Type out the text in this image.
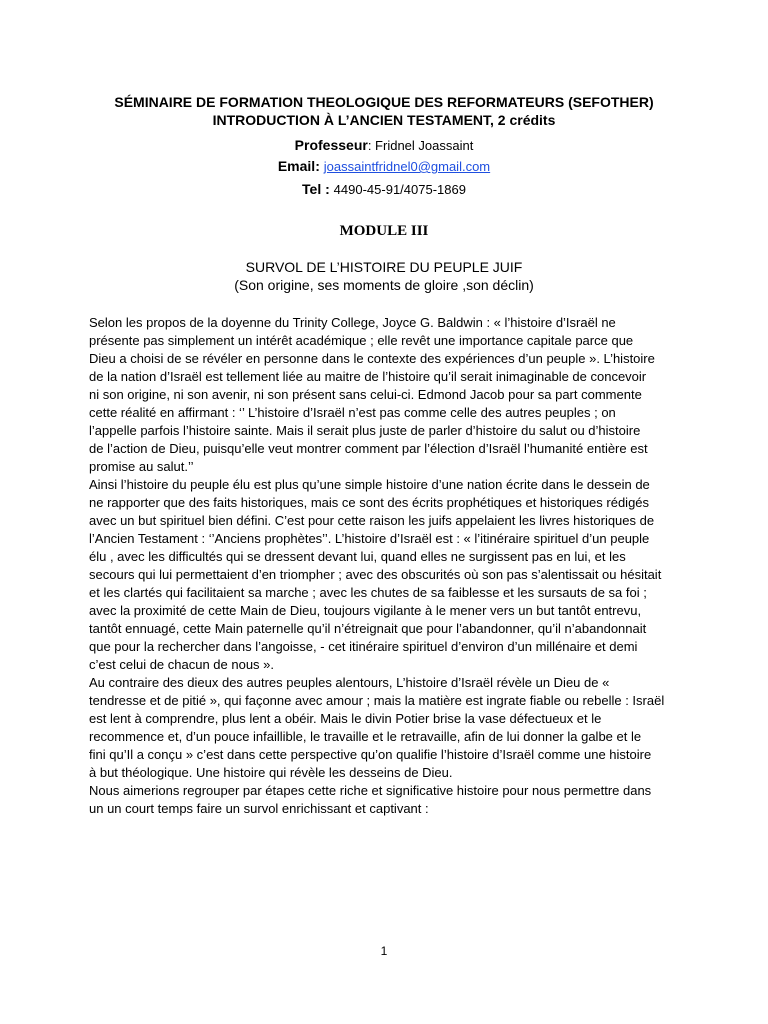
SÉMINAIRE DE FORMATION THEOLOGIQUE DES REFORMATEURS (SEFOTHER)
INTRODUCTION À L’ANCIEN TESTAMENT, 2 crédits
Professeur: Fridnel Joassaint
Email: joassaintfridnel0@gmail.com
Tel : 4490-45-91/4075-1869
MODULE III
SURVOL DE L’HISTOIRE DU PEUPLE JUIF
(Son origine, ses moments de gloire ,son déclin)
Selon les propos de la doyenne du Trinity College, Joyce G. Baldwin : « l’histoire d’Israël ne
présente pas simplement un intérêt académique ; elle revêt une importance capitale parce que
Dieu a choisi de se révéler en personne dans le contexte des expériences d’un peuple ». L’histoire
de la nation d’Israël est tellement liée au maitre de l’histoire qu’il serait inimaginable de concevoir
ni son origine, ni son avenir, ni son présent sans celui-ci. Edmond Jacob pour sa part commente
cette réalité en affirmant : ‘’ L’histoire d’Israël n’est pas comme celle des autres peuples ; on
l’appelle parfois l’histoire sainte. Mais il serait plus juste de parler d’histoire du salut ou d’histoire
de l’action de Dieu, puisqu’elle veut montrer comment par l’élection d’Israël l’humanité entière est
promise au salut.’’
Ainsi l’histoire du peuple élu est plus qu’une simple histoire d’une nation écrite dans le dessein de
ne rapporter que des faits historiques, mais ce sont des écrits prophétiques et historiques rédigés
avec un but spirituel bien défini. C’est pour cette raison les juifs appelaient les livres historiques de
l’Ancien Testament : ‘’Anciens prophètes’’. L’histoire d’Israël est : « l’itinéraire spirituel d’un peuple
élu , avec les difficultés qui se dressent devant lui, quand elles ne surgissent pas en lui, et les
secours qui lui permettaient d’en triompher ; avec des obscurités où son pas s’alentissait ou hésitait
et les clartés qui facilitaient sa marche ; avec les chutes de sa faiblesse et les sursauts de sa foi ;
avec la proximité de cette Main de Dieu, toujours vigilante à le mener vers un but tantôt entrevu,
tantôt ennuagé, cette Main paternelle qu’il n’étreignait que pour l’abandonner, qu’il n’abandonnait
que pour la rechercher dans l’angoisse, - cet itinéraire spirituel d’environ d’un millénaire et demi
c’est celui de chacun de nous ».
Au contraire des dieux des autres peuples alentours, L’histoire d’Israël révèle un Dieu de «
tendresse et de pitié », qui façonne avec amour ; mais la matière est ingrate fiable ou rebelle : Israël
est lent à comprendre, plus lent a obéir. Mais le divin Potier brise la vase défectueux et le
recommence et, d’un pouce infaillible, le travaille et le retravaille, afin de lui donner la galbe et le
fini qu’Il a conçu » c’est dans cette perspective qu’on qualifie l’histoire d’Israël comme une histoire
à but théologique. Une histoire qui révèle les desseins de Dieu.
Nous aimerions regrouper par étapes cette riche et significative histoire pour nous permettre dans
un un court temps faire un survol enrichissant et captivant :
1
